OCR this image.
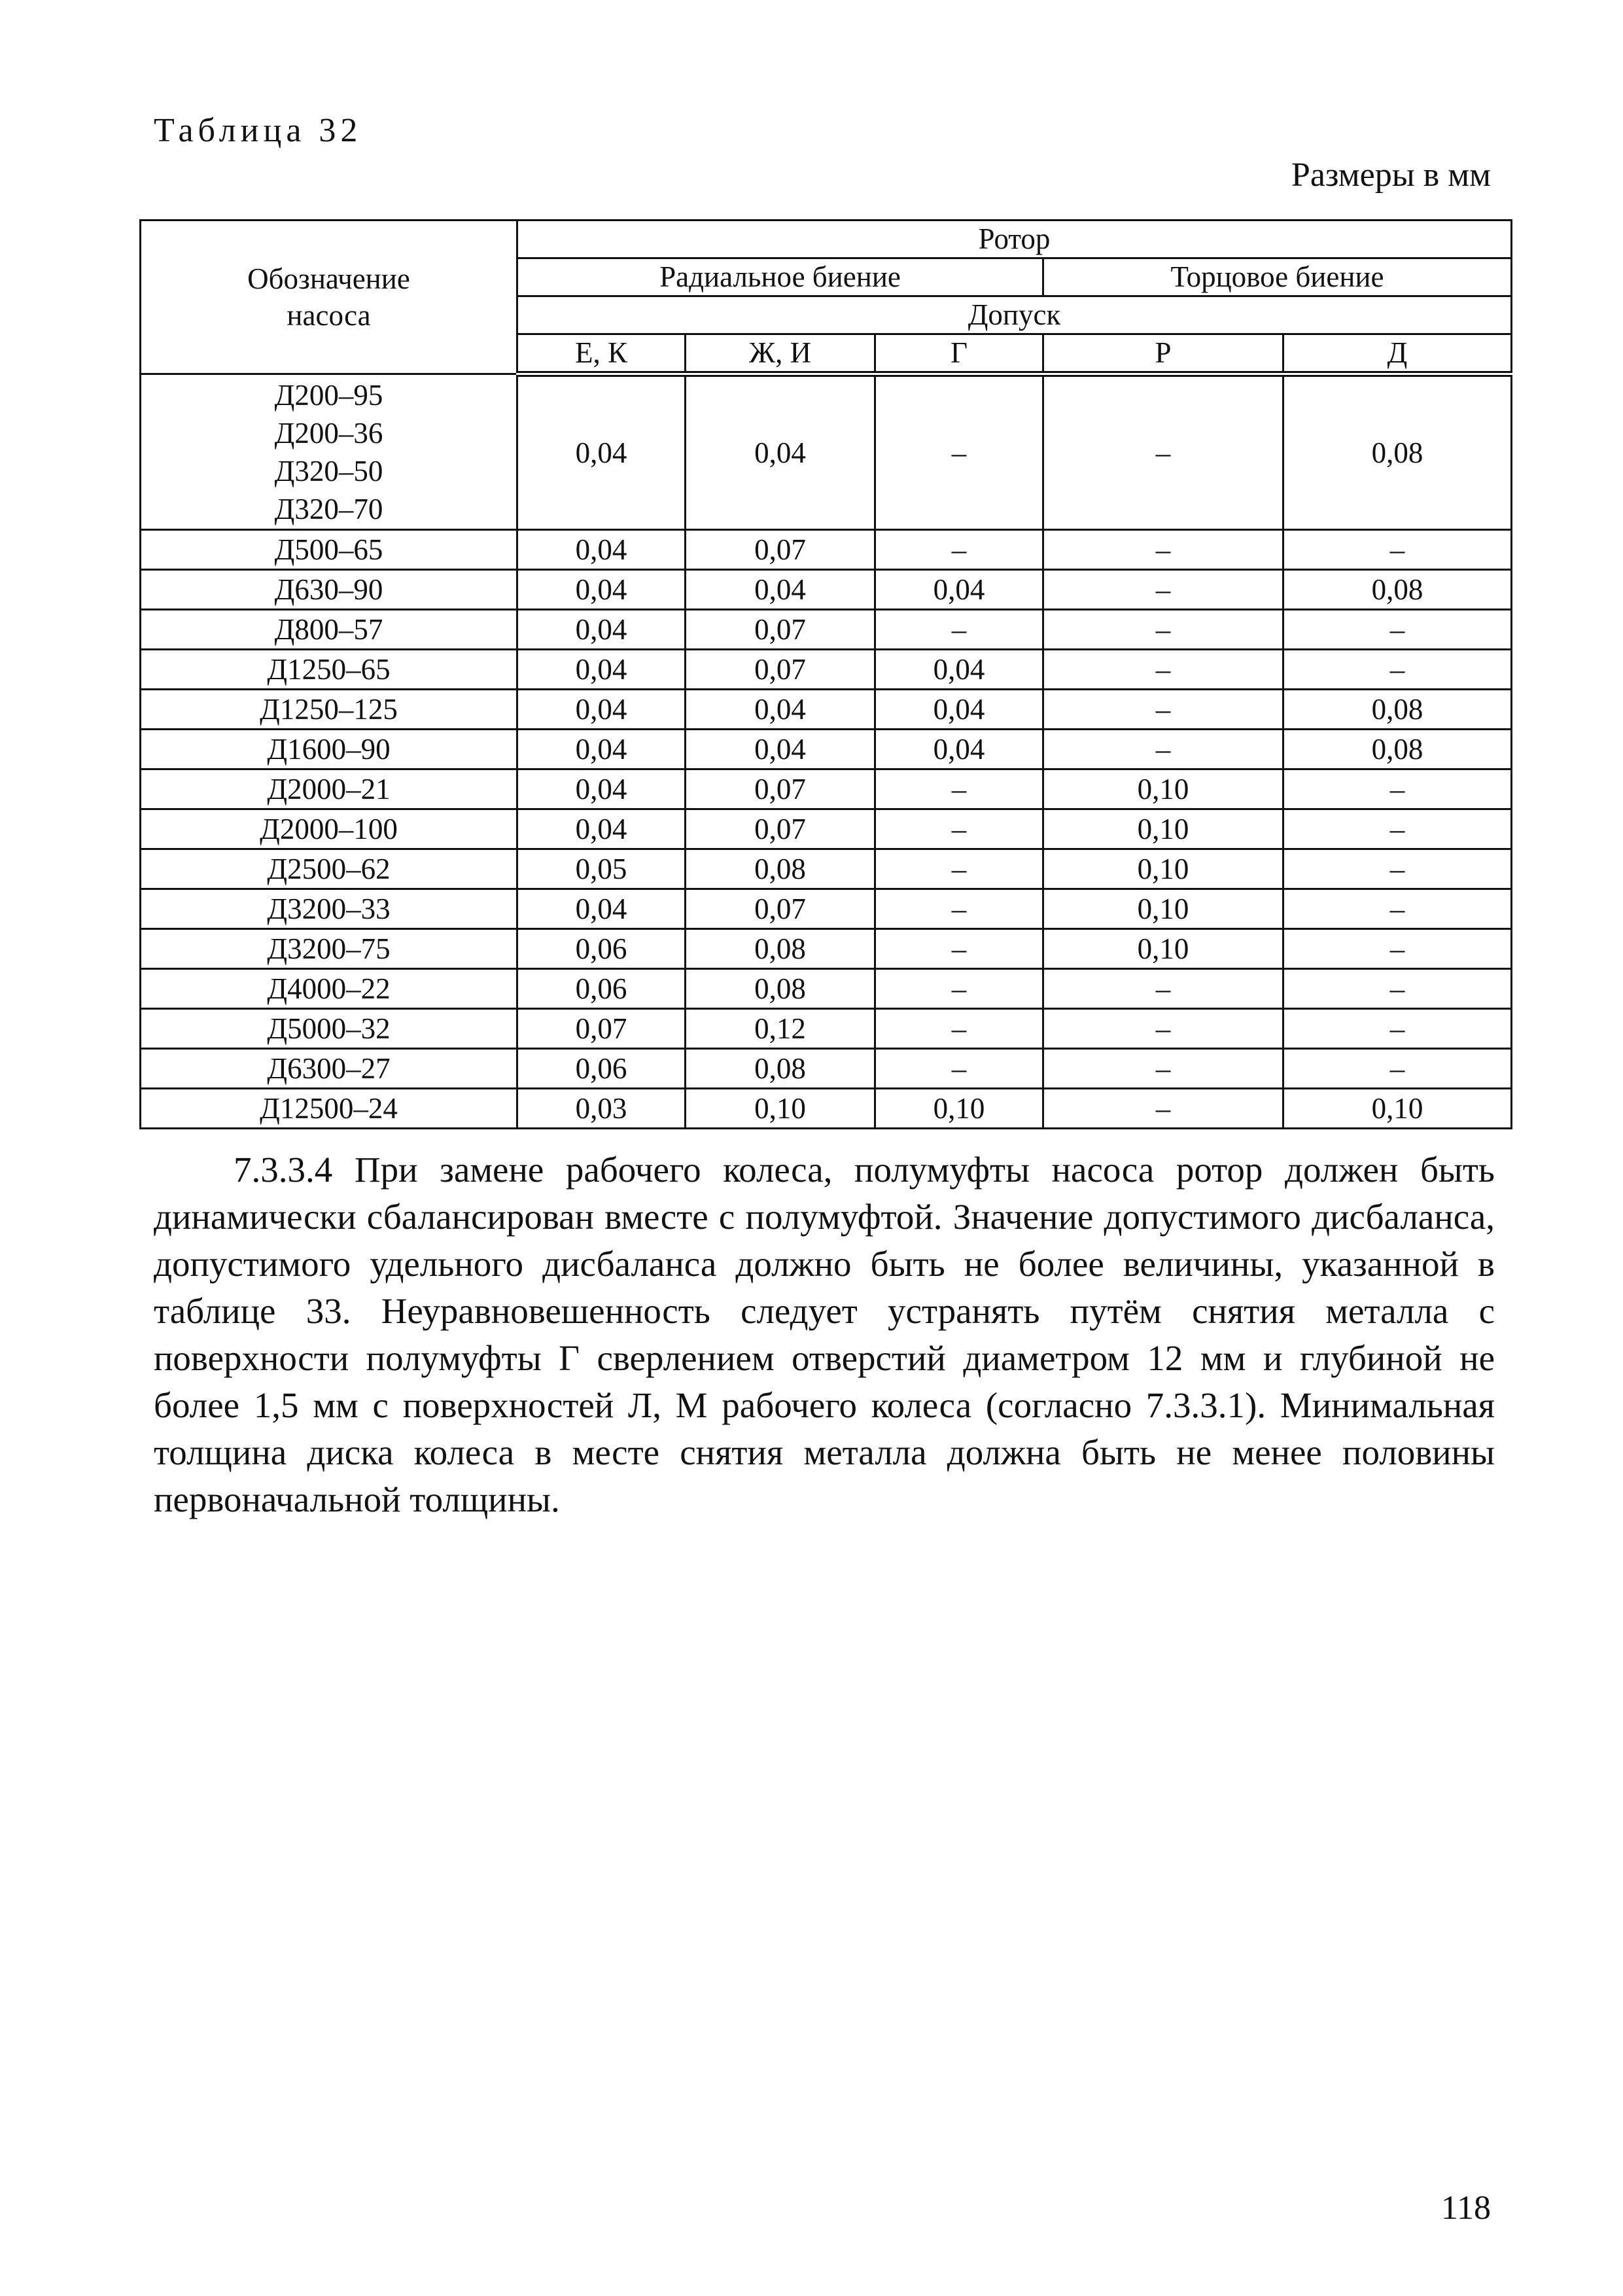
Таблица 32
Размеры в мм
Обозначение
насоса	Ротор				
	Радиальное биение			Торцовое биение	
	Допуск				
	Е, К	Ж, И	Г	Р	Д
Д200–95
Д200–36
Д320–50
Д320–70	0,04	0,04	–	–	0,08
Д500–65	0,04	0,07	–	–	–
Д630–90	0,04	0,04	0,04	–	0,08
Д800–57	0,04	0,07	–	–	–
Д1250–65	0,04	0,07	0,04	–	–
Д1250–125	0,04	0,04	0,04	–	0,08
Д1600–90	0,04	0,04	0,04	–	0,08
Д2000–21	0,04	0,07	–	0,10	–
Д2000–100	0,04	0,07	–	0,10	–
Д2500–62	0,05	0,08	–	0,10	–
Д3200–33	0,04	0,07	–	0,10	–
Д3200–75	0,06	0,08	–	0,10	–
Д4000–22	0,06	0,08	–	–	–
Д5000–32	0,07	0,12	–	–	–
Д6300–27	0,06	0,08	–	–	–
Д12500–24	0,03	0,10	0,10	–	0,10

7.3.3.4 При замене рабочего колеса, полумуфты насоса ротор должен быть динамически сбалансирован вместе с полумуфтой. Значение допустимого дисбаланса, допустимого удельного дисбаланса должно быть не более величины, указанной в таблице 33. Неуравновешенность следует устранять путём снятия металла с поверхности полумуфты Г сверлением отверстий диаметром 12 мм и глубиной не более 1,5 мм с поверхностей Л, М рабочего колеса (согласно 7.3.3.1). Минимальная толщина диска колеса в месте снятия металла должна быть не менее половины первоначальной толщины.

118
